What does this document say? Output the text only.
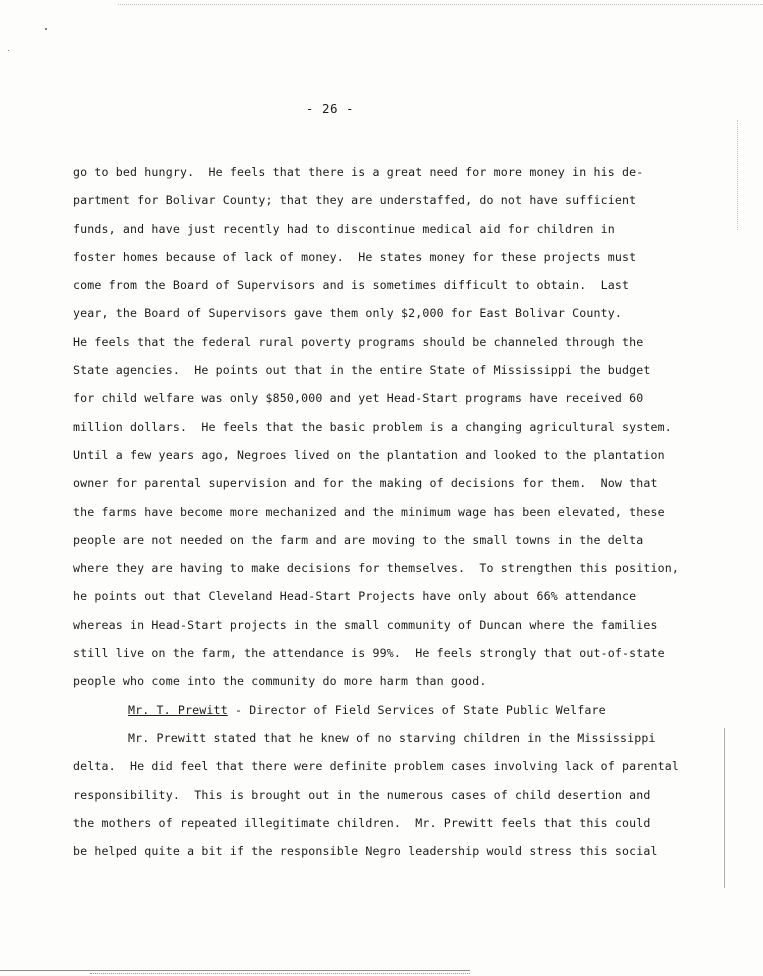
- 26 -
go to bed hungry.  He feels that there is a great need for more money in his de-
partment for Bolivar County; that they are understaffed, do not have sufficient
funds, and have just recently had to discontinue medical aid for children in
foster homes because of lack of money.  He states money for these projects must
come from the Board of Supervisors and is sometimes difficult to obtain.  Last
year, the Board of Supervisors gave them only $2,000 for East Bolivar County.
He feels that the federal rural poverty programs should be channeled through the
State agencies.  He points out that in the entire State of Mississippi the budget
for child welfare was only $850,000 and yet Head-Start programs have received 60
million dollars.  He feels that the basic problem is a changing agricultural system.
Until a few years ago, Negroes lived on the plantation and looked to the plantation
owner for parental supervision and for the making of decisions for them.  Now that
the farms have become more mechanized and the minimum wage has been elevated, these
people are not needed on the farm and are moving to the small towns in the delta
where they are having to make decisions for themselves.  To strengthen this position,
he points out that Cleveland Head-Start Projects have only about 66% attendance
whereas in Head-Start projects in the small community of Duncan where the families
still live on the farm, the attendance is 99%.  He feels strongly that out-of-state
people who come into the community do more harm than good.
Mr. T. Prewitt - Director of Field Services of State Public Welfare
Mr. Prewitt stated that he knew of no starving children in the Mississippi
delta.  He did feel that there were definite problem cases involving lack of parental
responsibility.  This is brought out in the numerous cases of child desertion and
the mothers of repeated illegitimate children.  Mr. Prewitt feels that this could
be helped quite a bit if the responsible Negro leadership would stress this social
